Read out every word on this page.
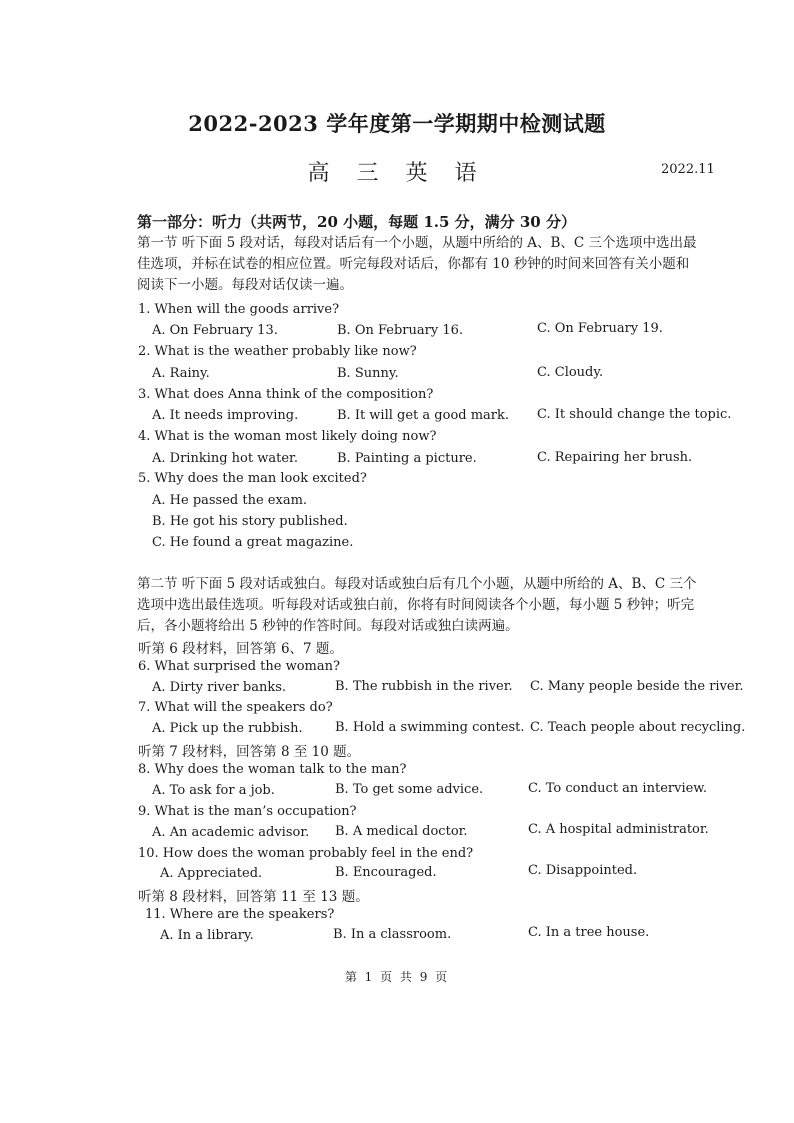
2022-2023 学年度第一学期期中检测试题
高 三 英 语	2022.11
第一部分：听力（共两节，20 小题，每题 1.5 分，满分 30 分）
第一节 听下面 5 段对话，每段对话后有一个小题，从题中所给的 A、B、C 三个选项中选出最
佳选项，并标在试卷的相应位置。听完每段对话后，你都有 10 秒钟的时间来回答有关小题和
阅读下一小题。每段对话仅读一遍。
1. When will the goods arrive?
A. On February 13.	B. On February 16.	C. On February 19.
2. What is the weather probably like now?
A. Rainy.	B. Sunny.	C. Cloudy.
3. What does Anna think of the composition?
A. It needs improving.	B. It will get a good mark. C. It should change the topic.
4. What is the woman most likely doing now?
A. Drinking hot water.	B. Painting a picture.	C. Repairing her brush.
5. Why does the man look excited?
A. He passed the exam.
B. He got his story published.
C. He found a great magazine.
第二节 听下面 5 段对话或独白。每段对话或独白后有几个小题，从题中所给的 A、B、C 三个
选项中选出最佳选项。听每段对话或独白前，你将有时间阅读各个小题，每小题 5 秒钟；听完
后，各小题将给出 5 秒钟的作答时间。每段对话或独白读两遍。
听第 6 段材料，回答第 6、7 题。
6. What surprised the woman?
A. Dirty river banks.	B. The rubbish in the river. C. Many people beside the river.
7. What will the speakers do?
A. Pick up the rubbish. B. Hold a swimming contest. C. Teach people about recycling.
听第 7 段材料，回答第 8 至 10 题。
8. Why does the woman talk to the man?
A. To ask for a job.	B. To get some advice.	C. To conduct an interview.
9. What is the man’s occupation?
A. An academic advisor. B. A medical doctor.	C. A hospital administrator.
10. How does the woman probably feel in the end?
A. Appreciated.	B. Encouraged.	C. Disappointed.
听第 8 段材料，回答第 11 至 13 题。
11. Where are the speakers?
A. In a library.	B. In a classroom.	C. In a tree house.
第 1 页 共 9 页
